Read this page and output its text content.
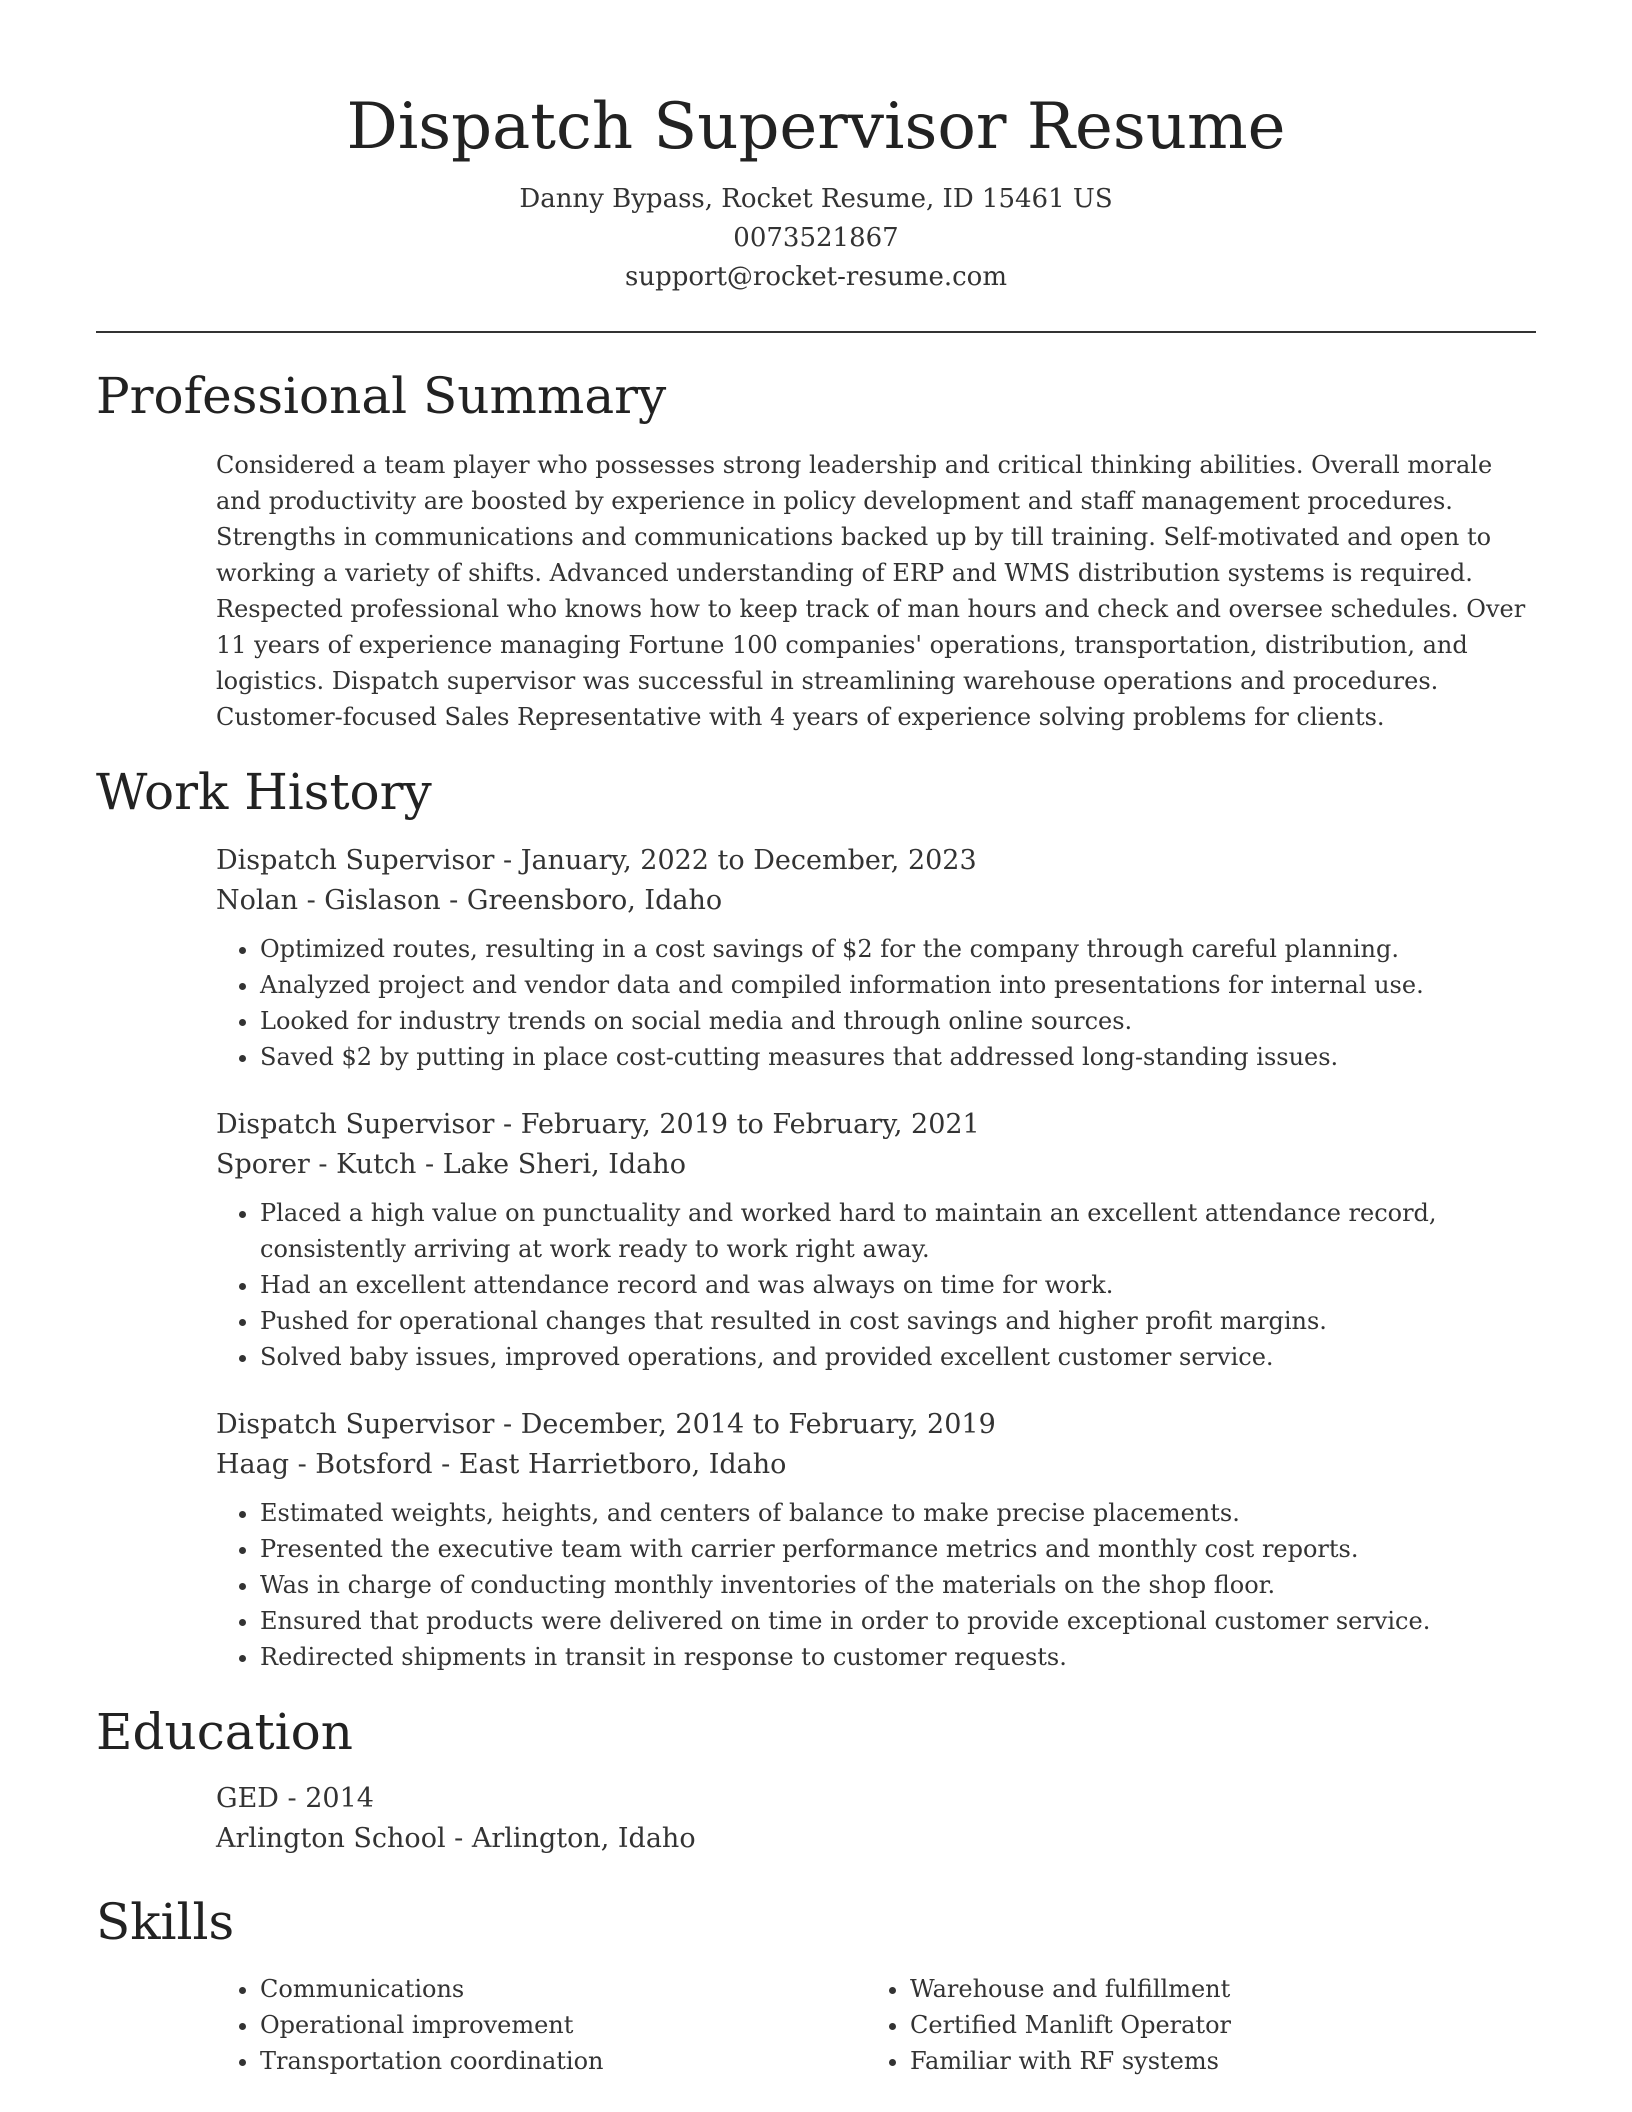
Dispatch Supervisor Resume
Danny Bypass, Rocket Resume, ID 15461 US
0073521867
support@rocket-resume.com
Professional Summary

Considered a team player who possesses strong leadership and critical thinking abilities. Overall morale and productivity are boosted by experience in policy development and staff management procedures. Strengths in communications and communications backed up by till training. Self-motivated and open to working a variety of shifts. Advanced understanding of ERP and WMS distribution systems is required. Respected professional who knows how to keep track of man hours and check and oversee schedules. Over 11 years of experience managing Fortune 100 companies' operations, transportation, distribution, and logistics. Dispatch supervisor was successful in streamlining warehouse operations and procedures. Customer-focused Sales Representative with 4 years of experience solving problems for clients.

Work History
Dispatch Supervisor - January, 2022 to December, 2023
Nolan - Gislason - Greensboro, Idaho
• Optimized routes, resulting in a cost savings of $2 for the company through careful planning.
• Analyzed project and vendor data and compiled information into presentations for internal use.
• Looked for industry trends on social media and through online sources.
• Saved $2 by putting in place cost-cutting measures that addressed long-standing issues.
Dispatch Supervisor - February, 2019 to February, 2021
Sporer - Kutch - Lake Sheri, Idaho
• Placed a high value on punctuality and worked hard to maintain an excellent attendance record, consistently arriving at work ready to work right away.
• Had an excellent attendance record and was always on time for work.
• Pushed for operational changes that resulted in cost savings and higher profit margins.
• Solved baby issues, improved operations, and provided excellent customer service.
Dispatch Supervisor - December, 2014 to February, 2019
Haag - Botsford - East Harrietboro, Idaho
• Estimated weights, heights, and centers of balance to make precise placements.
• Presented the executive team with carrier performance metrics and monthly cost reports.
• Was in charge of conducting monthly inventories of the materials on the shop floor.
• Ensured that products were delivered on time in order to provide exceptional customer service.
• Redirected shipments in transit in response to customer requests.
Education
GED - 2014
Arlington School - Arlington, Idaho
Skills
• Communications
• Operational improvement
• Transportation coordination
• Warehouse and fulfillment
• Certified Manlift Operator
• Familiar with RF systems
